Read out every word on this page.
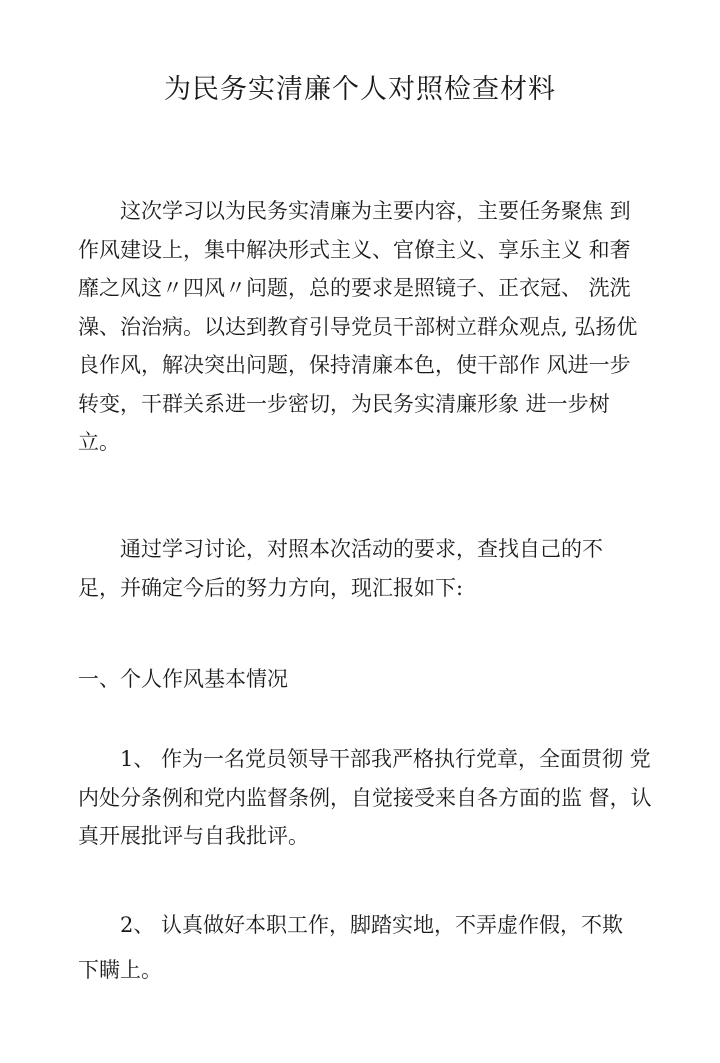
为民务实清廉个人对照检查材料

这次学习以为民务实清廉为主要内容，主要任务聚焦 到
作风建设上，集中解决形式主义、官僚主义、享乐主义 和奢
靡之风这〃四风〃问题，总的要求是照镜子、正衣冠、 洗洗
澡、治治病。以达到教育引导党员干部树立群众观点, 弘扬优
良作风，解决突出问题，保持清廉本色，使干部作 风进一步
转变，干群关系进一步密切，为民务实清廉形象 进一步树
立。

通过学习讨论，对照本次活动的要求，查找自己的不
足，并确定今后的努力方向，现汇报如下:

一、个人作风基本情况

1、 作为一名党员领导干部我严格执行党章，全面贯彻 党
内处分条例和党内监督条例，自觉接受来自各方面的监 督，认
真开展批评与自我批评。

2、 认真做好本职工作，脚踏实地，不弄虚作假，不欺
下瞒上。
